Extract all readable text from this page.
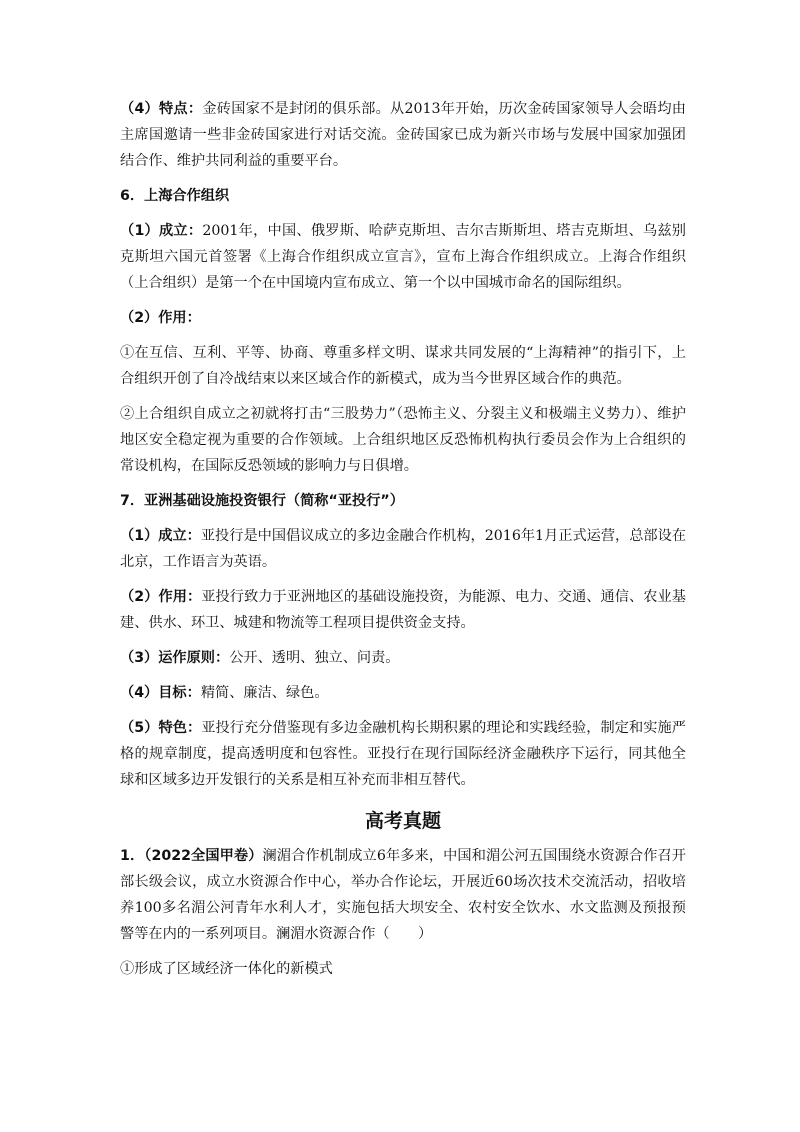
（4）特点：金砖国家不是封闭的俱乐部。从2013年开始，历次金砖国家领导人会晤均由主席国邀请一些非金砖国家进行对话交流。金砖国家已成为新兴市场与发展中国家加强团结合作、维护共同利益的重要平台。

6．上海合作组织

（1）成立：2001年，中国、俄罗斯、哈萨克斯坦、吉尔吉斯斯坦、塔吉克斯坦、乌兹别克斯坦六国元首签署《上海合作组织成立宣言》，宣布上海合作组织成立。上海合作组织（上合组织）是第一个在中国境内宣布成立、第一个以中国城市命名的国际组织。

（2）作用：

①在互信、互利、平等、协商、尊重多样文明、谋求共同发展的“上海精神”的指引下，上合组织开创了自冷战结束以来区域合作的新模式，成为当今世界区域合作的典范。

②上合组织自成立之初就将打击“三股势力”（恐怖主义、分裂主义和极端主义势力）、维护地区安全稳定视为重要的合作领域。上合组织地区反恐怖机构执行委员会作为上合组织的常设机构，在国际反恐领域的影响力与日俱增。

7．亚洲基础设施投资银行（简称“亚投行”）

（1）成立：亚投行是中国倡议成立的多边金融合作机构，2016年1月正式运营，总部设在北京，工作语言为英语。

（2）作用：亚投行致力于亚洲地区的基础设施投资，为能源、电力、交通、通信、农业基建、供水、环卫、城建和物流等工程项目提供资金支持。

（3）运作原则：公开、透明、独立、问责。

（4）目标：精简、廉洁、绿色。

（5）特色：亚投行充分借鉴现有多边金融机构长期积累的理论和实践经验，制定和实施严格的规章制度，提高透明度和包容性。亚投行在现行国际经济金融秩序下运行，同其他全球和区域多边开发银行的关系是相互补充而非相互替代。

高考真题

1．（2022全国甲卷）澜湄合作机制成立6年多来，中国和湄公河五国围绕水资源合作召开部长级会议，成立水资源合作中心，举办合作论坛，开展近60场次技术交流活动，招收培养100多名湄公河青年水利人才，实施包括大坝安全、农村安全饮水、水文监测及预报预警等在内的一系列项目。澜湄水资源合作（　　）

①形成了区域经济一体化的新模式
